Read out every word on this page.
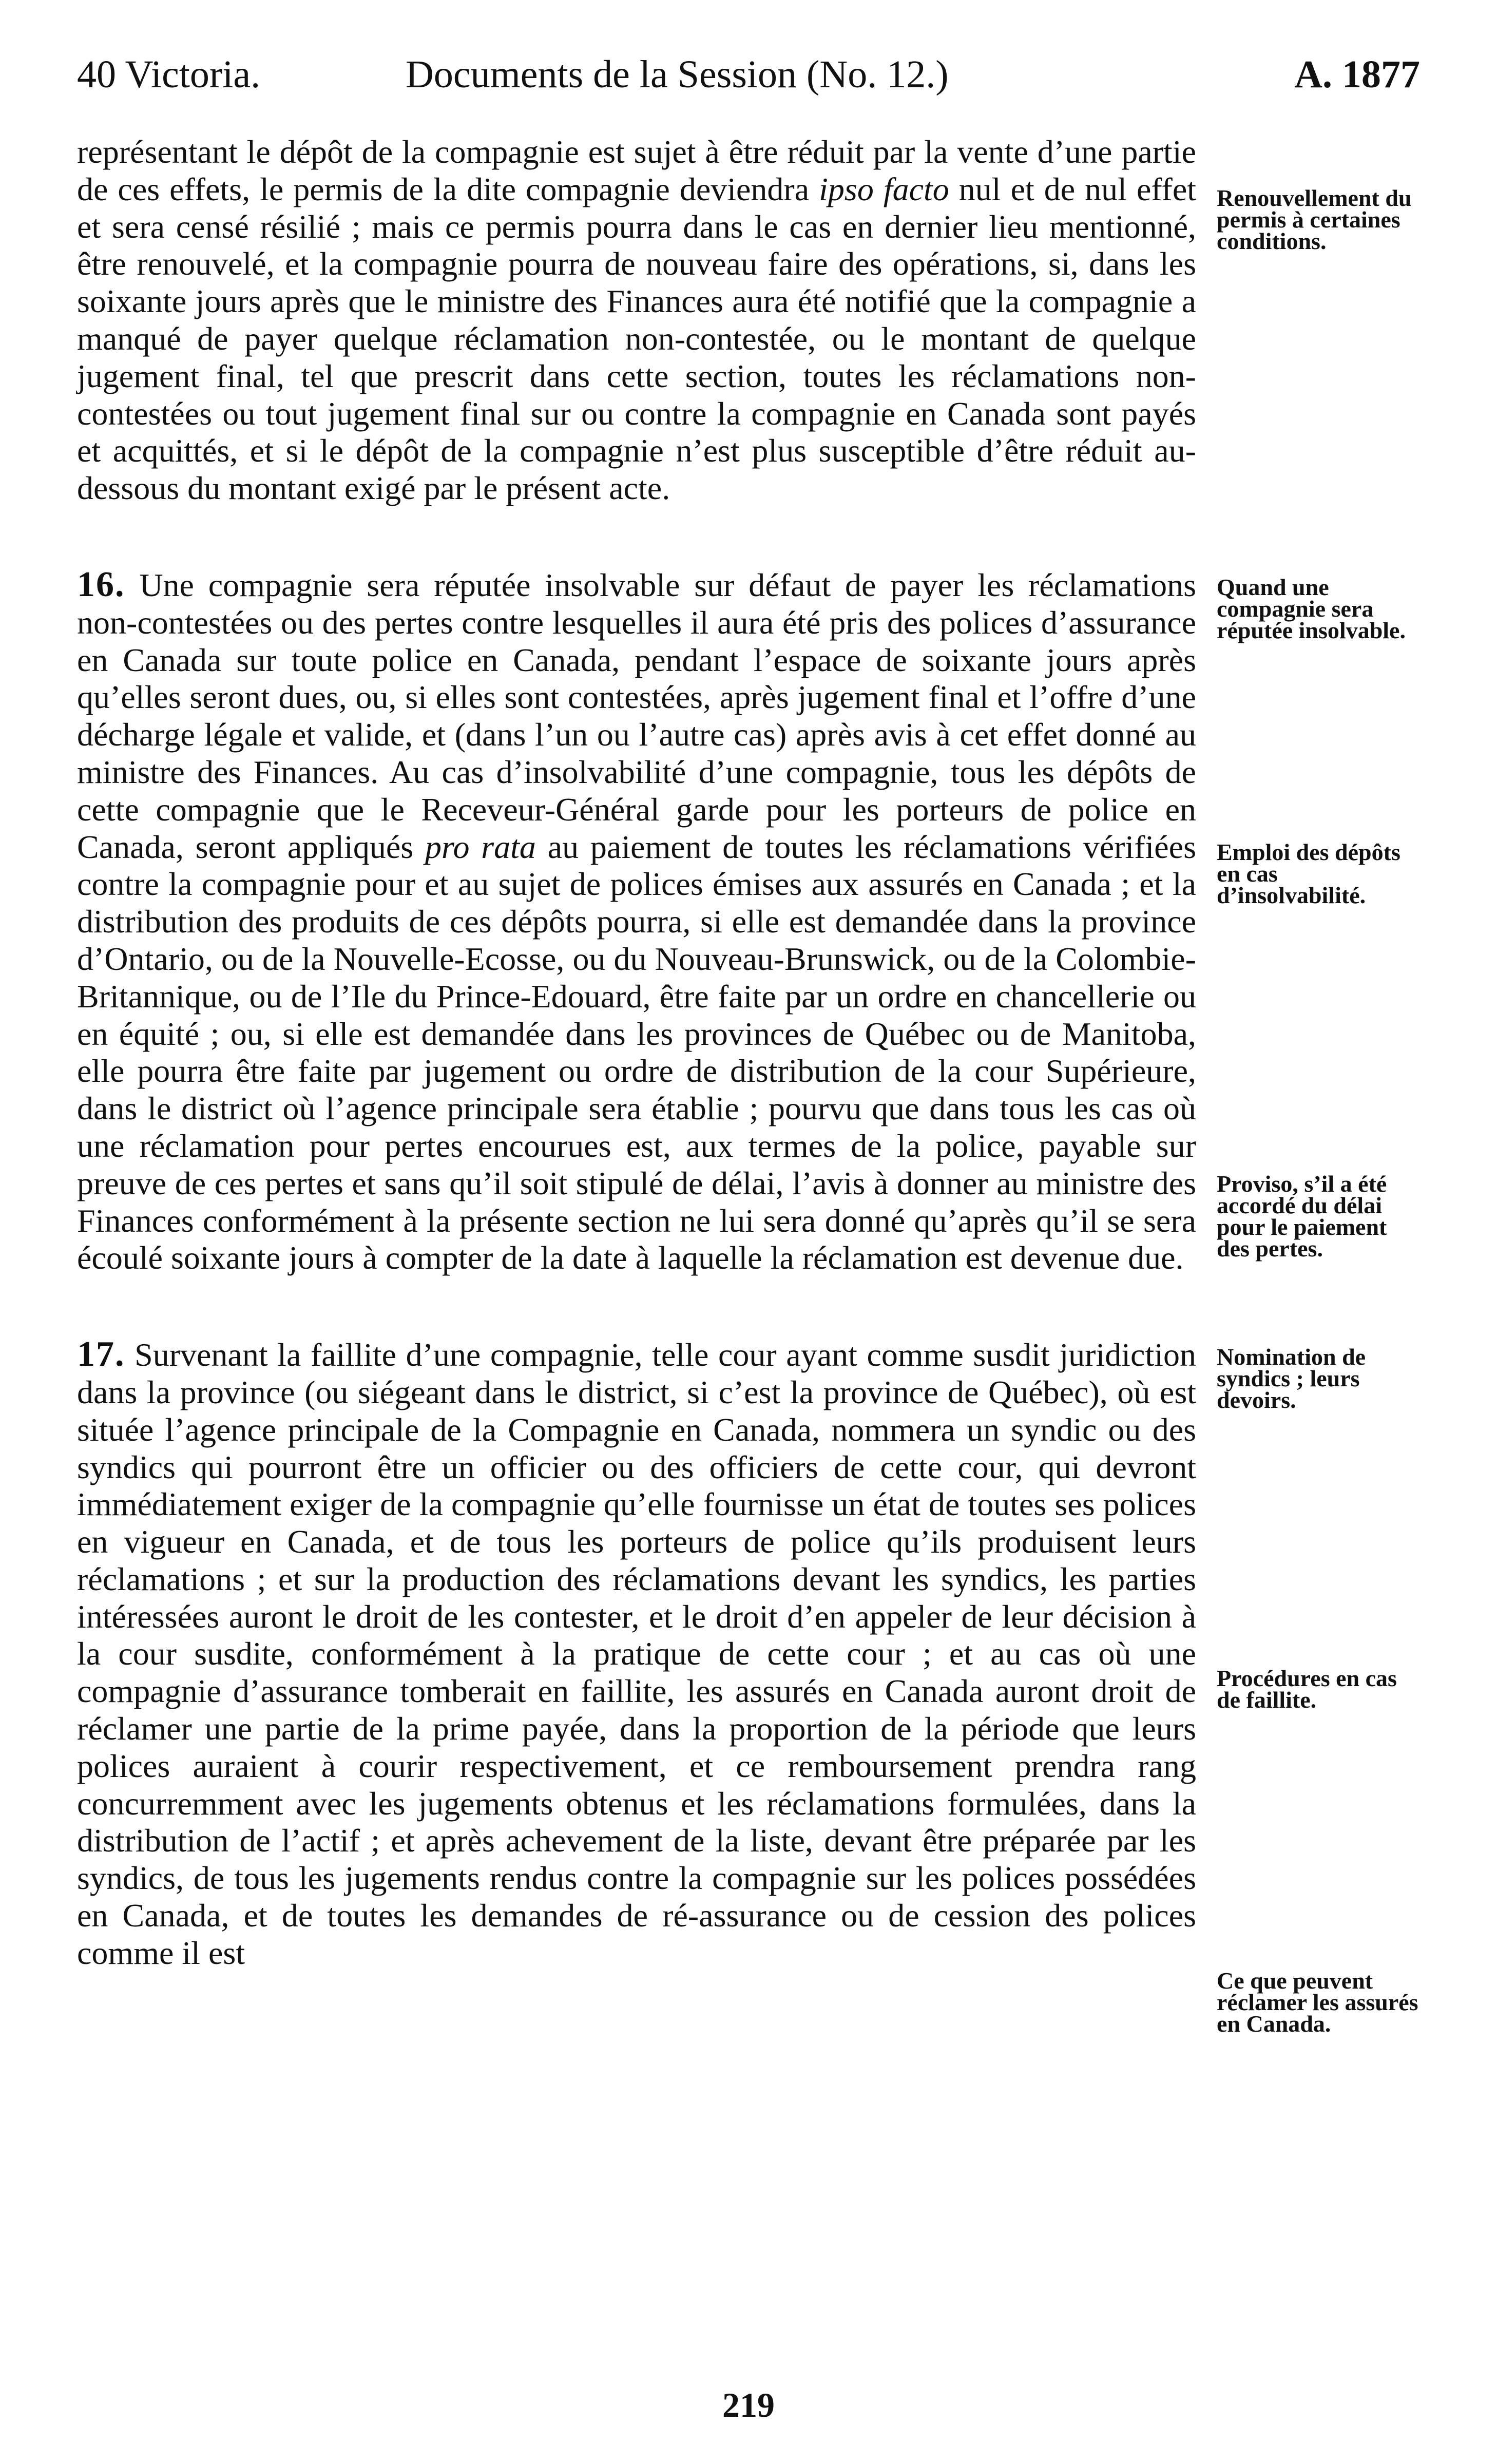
40 Victoria.	Documents de la Session (No. 12.)	A. 1877

représentant le dépôt de la compagnie est sujet à être réduit par la vente d’une partie de ces effets, le permis de la dite compagnie deviendra ipso facto nul et de nul effet et sera censé résilié ; mais ce permis pourra dans le cas en dernier lieu mentionné, être renouvelé, et la compagnie pourra de nouveau faire des opérations, si, dans les soixante jours après que le ministre des Finances aura été notifié que la compagnie a manqué de payer quelque réclamation non-contestée, ou le montant de quelque jugement final, tel que prescrit dans cette section, toutes les réclamations non-contestées ou tout jugement final sur ou contre la compagnie en Canada sont payés et acquittés, et si le dépôt de la compagnie n’est plus susceptible d’être réduit au-dessous du montant exigé par le présent acte.

Renouvellement du permis à certaines conditions.

16. Une compagnie sera réputée insolvable sur défaut de payer les réclamations non-contestées ou des pertes contre lesquelles il aura été pris des polices d’assurance en Canada sur toute police en Canada, pendant l’espace de soixante jours après qu’elles seront dues, ou, si elles sont contestées, après jugement final et l’offre d’une décharge légale et valide, et (dans l’un ou l’autre cas) après avis à cet effet donné au ministre des Finances. Au cas d’insolvabilité d’une compagnie, tous les dépôts de cette compagnie que le Receveur-Général garde pour les porteurs de police en Canada, seront appliqués pro rata au paiement de toutes les réclamations vérifiées contre la compagnie pour et au sujet de polices émises aux assurés en Canada ; et la distribution des produits de ces dépôts pourra, si elle est demandée dans la province d’Ontario, ou de la Nouvelle-Ecosse, ou du Nouveau-Brunswick, ou de la Colombie-Britannique, ou de l’Ile du Prince-Edouard, être faite par un ordre en chancellerie ou en équité ; ou, si elle est demandée dans les provinces de Québec ou de Manitoba, elle pourra être faite par jugement ou ordre de distribution de la cour Supérieure, dans le district où l’agence principale sera établie ; pourvu que dans tous les cas où une réclamation pour pertes encourues est, aux termes de la police, payable sur preuve de ces pertes et sans qu’il soit stipulé de délai, l’avis à donner au ministre des Finances conformément à la présente section ne lui sera donné qu’après qu’il se sera écoulé soixante jours à compter de la date à laquelle la réclamation est devenue due.

Quand une compagnie sera réputée insolvable.
Emploi des dépôts en cas d’insolvabilité.
Proviso, s’il a été accordé du délai pour le paiement des pertes.

17. Survenant la faillite d’une compagnie, telle cour ayant comme susdit juridiction dans la province (ou siégeant dans le district, si c’est la province de Québec), où est située l’agence principale de la Compagnie en Canada, nommera un syndic ou des syndics qui pourront être un officier ou des officiers de cette cour, qui devront immédiatement exiger de la compagnie qu’elle fournisse un état de toutes ses polices en vigueur en Canada, et de tous les porteurs de police qu’ils produisent leurs réclamations ; et sur la production des réclamations devant les syndics, les parties intéressées auront le droit de les contester, et le droit d’en appeler de leur décision à la cour susdite, conformément à la pratique de cette cour ; et au cas où une compagnie d’assurance tomberait en faillite, les assurés en Canada auront droit de réclamer une partie de la prime payée, dans la proportion de la période que leurs polices auraient à courir respectivement, et ce remboursement prendra rang concurremment avec les jugements obtenus et les réclamations formulées, dans la distribution de l’actif ; et après achevement de la liste, devant être préparée par les syndics, de tous les jugements rendus contre la compagnie sur les polices possédées en Canada, et de toutes les demandes de ré-assurance ou de cession des polices comme il est

Nomination de syndics ; leurs devoirs.
Procédures en cas de faillite.
Ce que peuvent réclamer les assurés en Canada.
219
